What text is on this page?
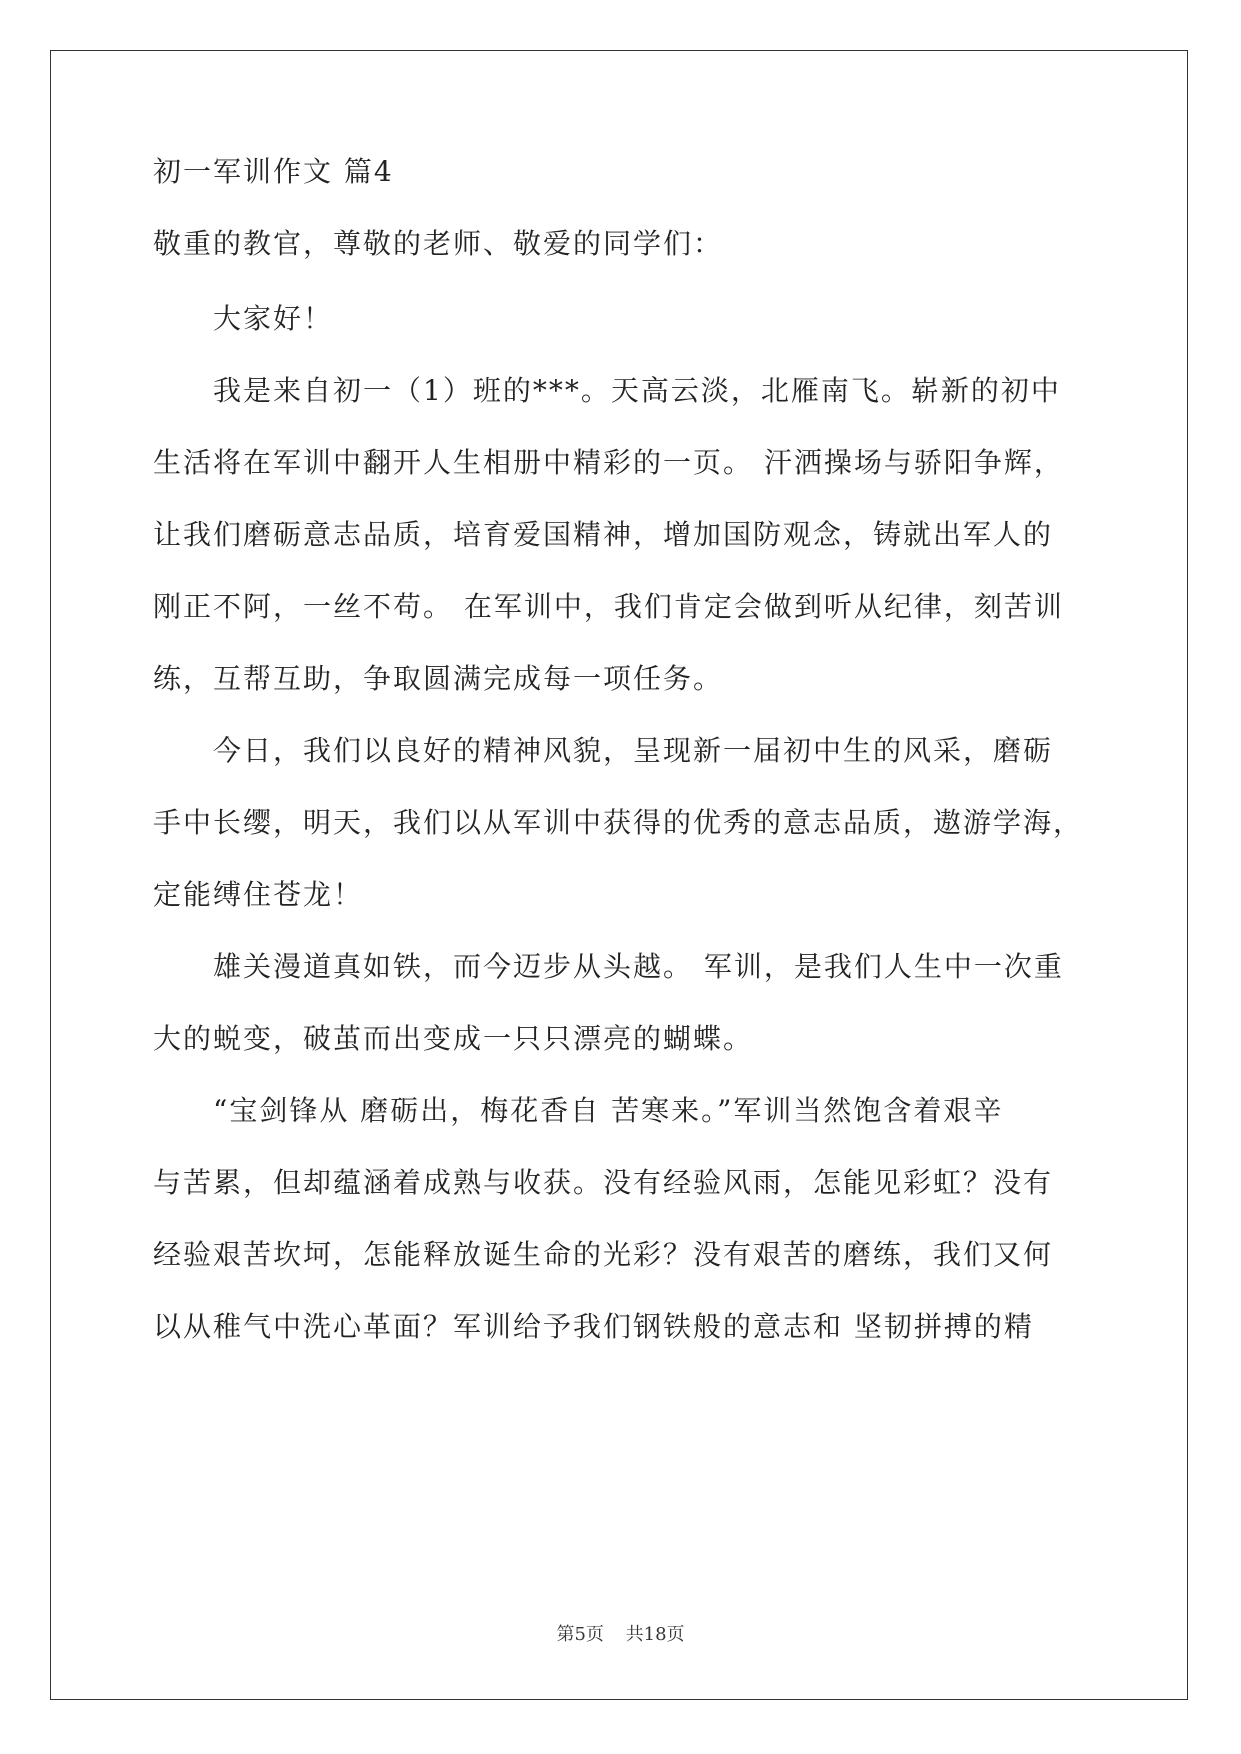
初一军训作文 篇4
敬重的教官，尊敬的老师、敬爱的同学们：
大家好！
我是来自初一（1）班的***。天高云淡，北雁南飞。崭新的初中
生活将在军训中翻开人生相册中精彩的一页。 汗洒操场与骄阳争辉，
让我们磨砺意志品质，培育爱国精神，增加国防观念，铸就出军人的
刚正不阿，一丝不苟。 在军训中，我们肯定会做到听从纪律，刻苦训
练，互帮互助，争取圆满完成每一项任务。
今日，我们以良好的精神风貌，呈现新一届初中生的风采，磨砺
手中长缨，明天，我们以从军训中获得的优秀的意志品质，遨游学海，
定能缚住苍龙！
雄关漫道真如铁，而今迈步从头越。 军训，是我们人生中一次重
大的蜕变，破茧而出变成一只只漂亮的蝴蝶。
“宝剑锋从 磨砺出，梅花香自 苦寒来。”军训当然饱含着艰辛
与苦累，但却蕴涵着成熟与收获。没有经验风雨，怎能见彩虹？没有
经验艰苦坎坷，怎能释放诞生命的光彩？没有艰苦的磨练，我们又何
以从稚气中洗心革面？军训给予我们钢铁般的意志和 坚韧拼搏的精
第5页 共18页
